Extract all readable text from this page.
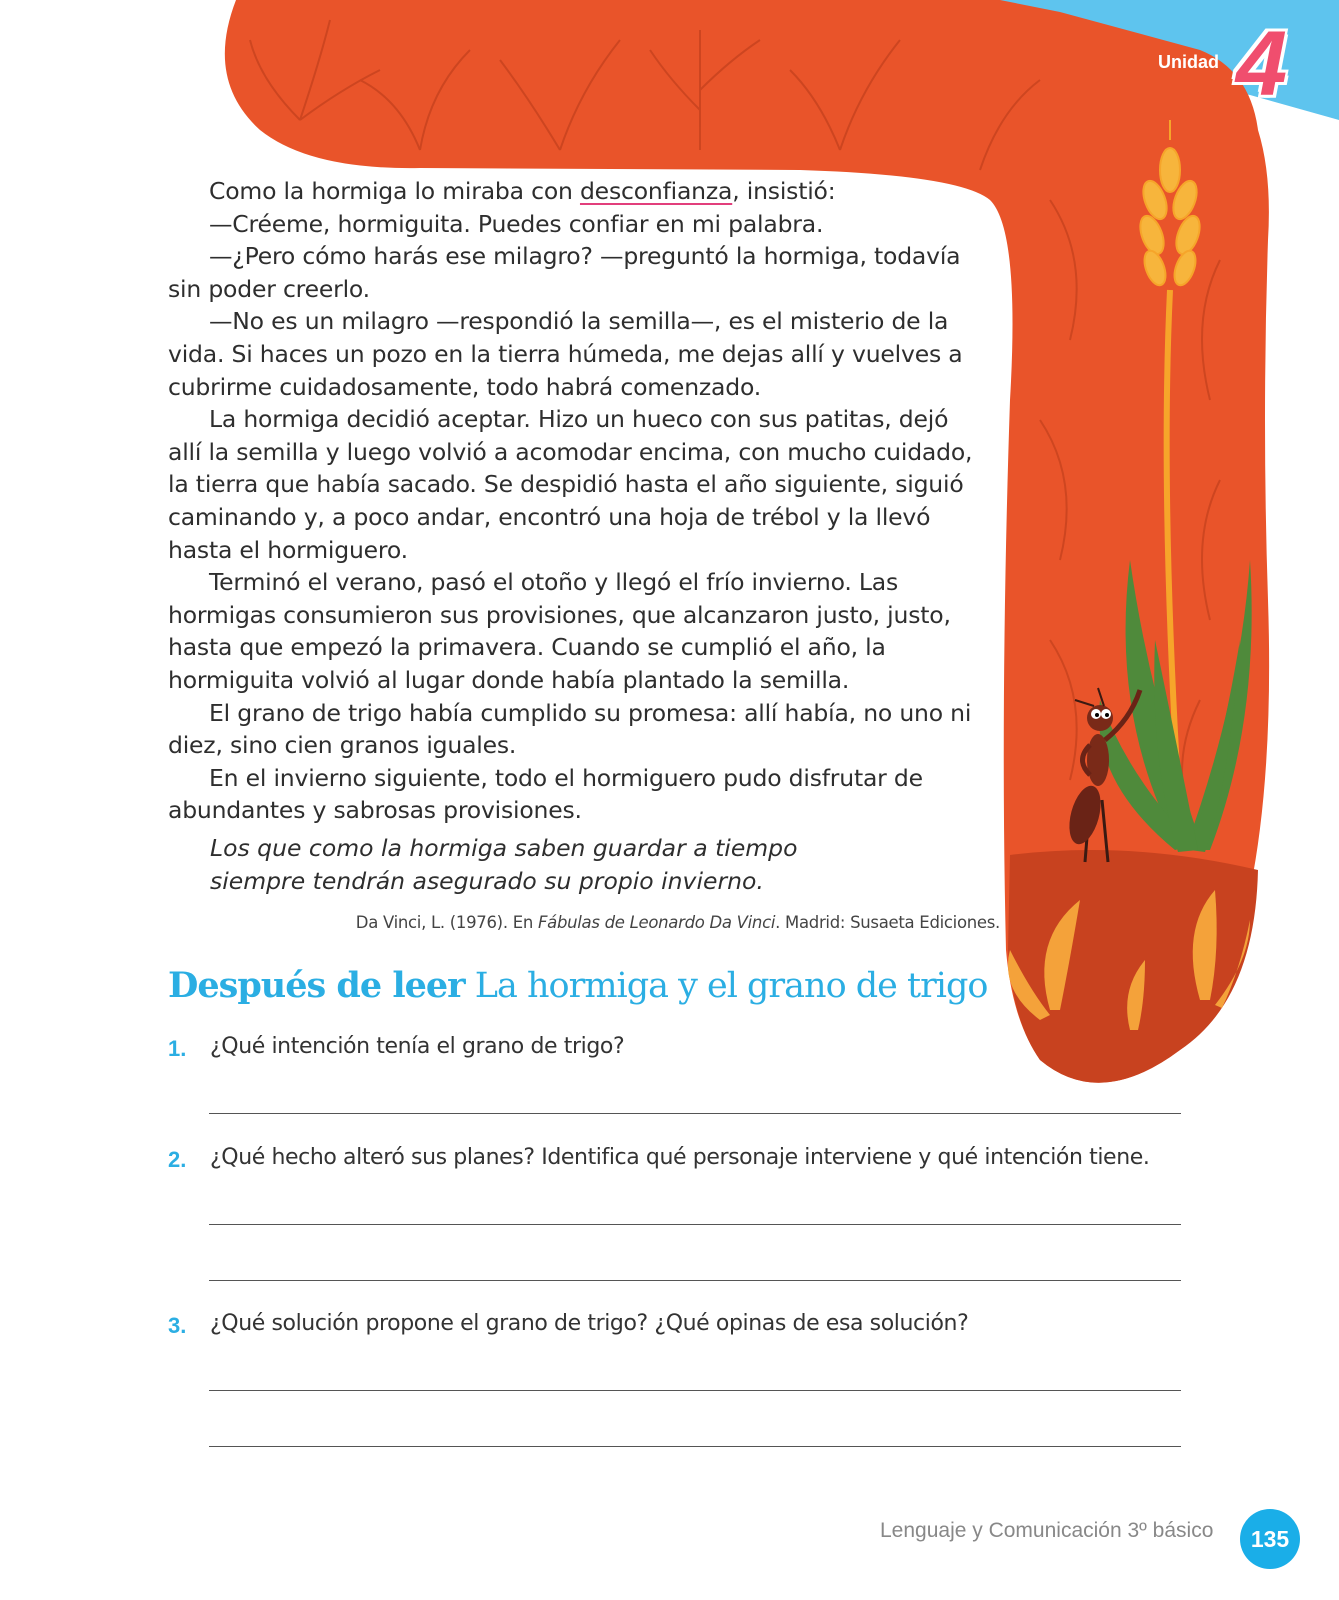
Unidad 4

Como la hormiga lo miraba con desconfianza, insistió:

—Créeme, hormiguita. Puedes confiar en mi palabra.

—¿Pero cómo harás ese milagro? —preguntó la hormiga, todavía sin poder creerlo.

—No es un milagro —respondió la semilla—, es el misterio de la vida. Si haces un pozo en la tierra húmeda, me dejas allí y vuelves a cubrirme cuidadosamente, todo habrá comenzado.

La hormiga decidió aceptar. Hizo un hueco con sus patitas, dejó allí la semilla y luego volvió a acomodar encima, con mucho cuidado, la tierra que había sacado. Se despidió hasta el año siguiente, siguió caminando y, a poco andar, encontró una hoja de trébol y la llevó hasta el hormiguero.

Terminó el verano, pasó el otoño y llegó el frío invierno. Las hormigas consumieron sus provisiones, que alcanzaron justo, justo, hasta que empezó la primavera. Cuando se cumplió el año, la hormiguita volvió al lugar donde había plantado la semilla.

El grano de trigo había cumplido su promesa: allí había, no uno ni diez, sino cien granos iguales.

En el invierno siguiente, todo el hormiguero pudo disfrutar de abundantes y sabrosas provisiones.

Los que como la hormiga saben guardar a tiempo

siempre tendrán asegurado su propio invierno.

Da Vinci, L. (1976). En Fábulas de Leonardo Da Vinci. Madrid: Susaeta Ediciones.
Después de leer La hormiga y el grano de trigo
1. ¿Qué intención tenía el grano de trigo?
2. ¿Qué hecho alteró sus planes? Identifica qué personaje interviene y qué intención tiene.
3. ¿Qué solución propone el grano de trigo? ¿Qué opinas de esa solución?
Lenguaje y Comunicación 3º básico	135
